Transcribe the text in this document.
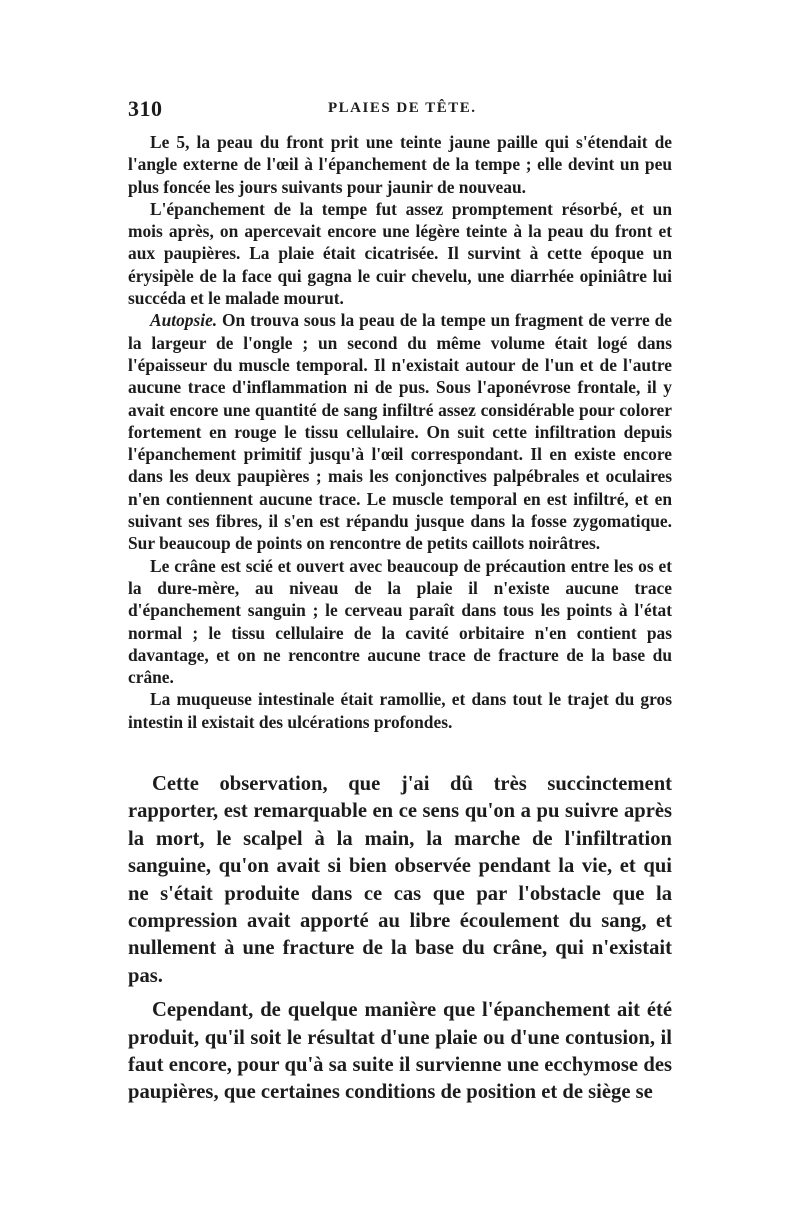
310	PLAIES DE TÊTE.

Le 5, la peau du front prit une teinte jaune paille qui s'étendait de l'angle externe de l'œil à l'épanchement de la tempe ; elle devint un peu plus foncée les jours suivants pour jaunir de nouveau.

L'épanchement de la tempe fut assez promptement résorbé, et un mois après, on apercevait encore une légère teinte à la peau du front et aux paupières. La plaie était cicatrisée. Il survint à cette époque un érysipèle de la face qui gagna le cuir chevelu, une diarrhée opiniâtre lui succéda et le malade mourut.

Autopsie. On trouva sous la peau de la tempe un fragment de verre de la largeur de l'ongle ; un second du même volume était logé dans l'épaisseur du muscle temporal. Il n'existait autour de l'un et de l'autre aucune trace d'inflammation ni de pus. Sous l'aponévrose frontale, il y avait encore une quantité de sang infiltré assez considérable pour colorer fortement en rouge le tissu cellulaire. On suit cette infiltration depuis l'épanchement primitif jusqu'à l'œil correspondant. Il en existe encore dans les deux paupières ; mais les conjonctives palpébrales et oculaires n'en contiennent aucune trace. Le muscle temporal en est infiltré, et en suivant ses fibres, il s'en est répandu jusque dans la fosse zygomatique. Sur beaucoup de points on rencontre de petits caillots noirâtres.

Le crâne est scié et ouvert avec beaucoup de précaution entre les os et la dure-mère, au niveau de la plaie il n'existe aucune trace d'épanchement sanguin ; le cerveau paraît dans tous les points à l'état normal ; le tissu cellulaire de la cavité orbitaire n'en contient pas davantage, et on ne rencontre aucune trace de fracture de la base du crâne.

La muqueuse intestinale était ramollie, et dans tout le trajet du gros intestin il existait des ulcérations profondes.

Cette observation, que j'ai dû très succinctement rapporter, est remarquable en ce sens qu'on a pu suivre après la mort, le scalpel à la main, la marche de l'infiltration sanguine, qu'on avait si bien observée pendant la vie, et qui ne s'était produite dans ce cas que par l'obstacle que la compression avait apporté au libre écoulement du sang, et nullement à une fracture de la base du crâne, qui n'existait pas.

Cependant, de quelque manière que l'épanchement ait été produit, qu'il soit le résultat d'une plaie ou d'une contusion, il faut encore, pour qu'à sa suite il survienne une ecchymose des paupières, que certaines conditions de position et de siège se
